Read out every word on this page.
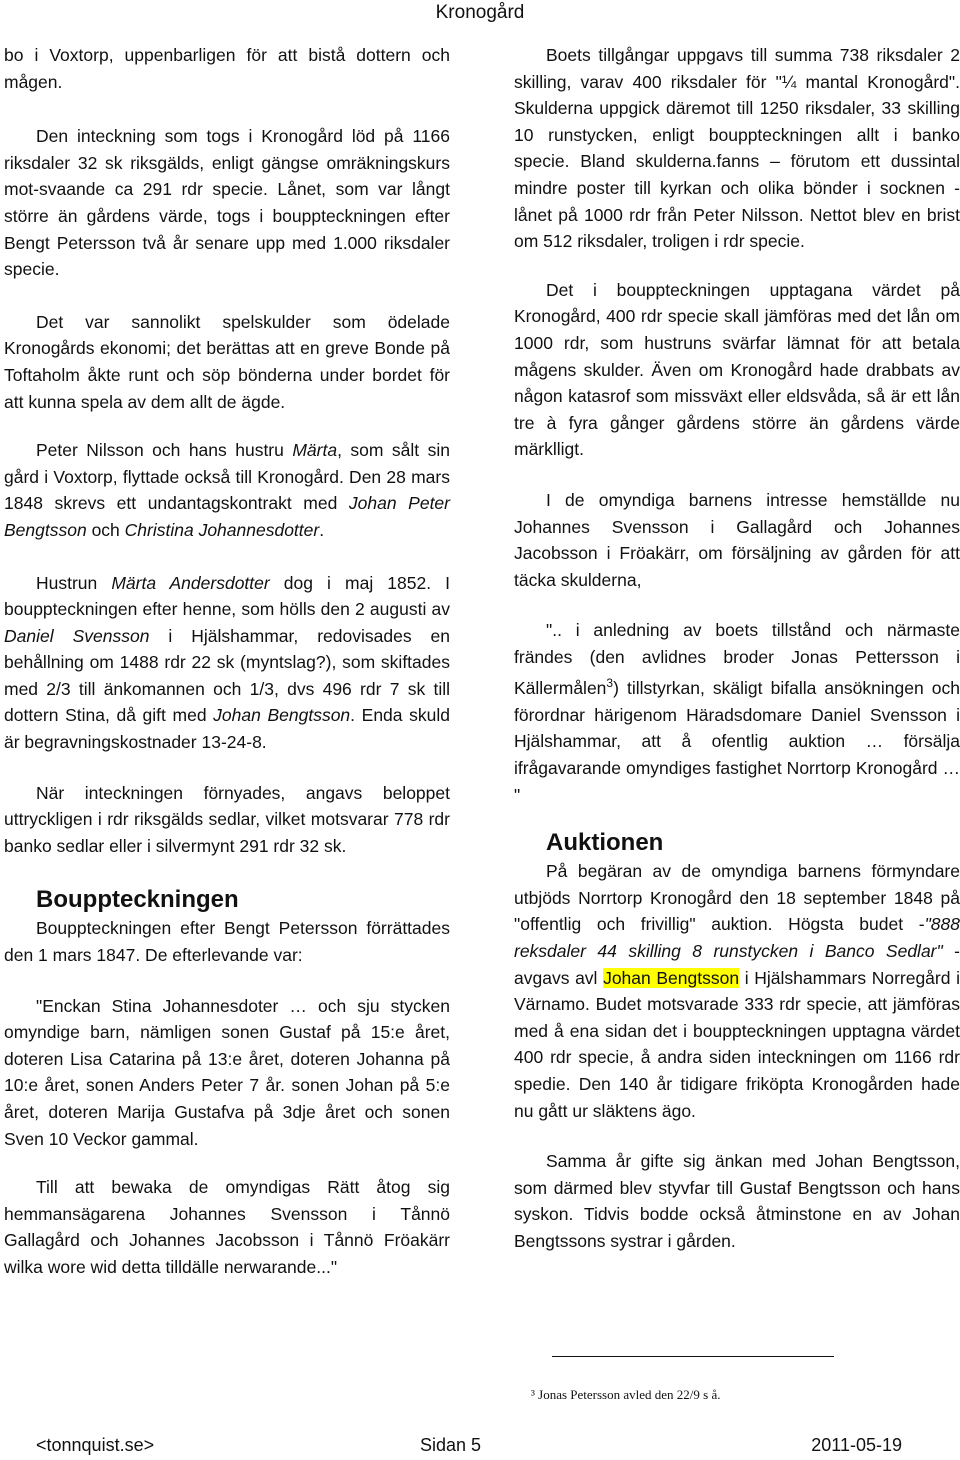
Kronogård

bo i Voxtorp, uppenbarligen för att bistå dottern och mågen.

Den inteckning som togs i Kronogård löd på 1166 riksdaler 32 sk riksgälds, enligt gängse omräkningskurs mot-svaande ca 291 rdr specie. Lånet, som var långt större än gårdens värde, togs i bouppteckningen efter Bengt Petersson två år senare upp med 1.000 riksdaler specie.

Det var sannolikt spelskulder som ödelade Kronogårds ekonomi; det berättas att en greve Bonde på Toftaholm åkte runt och söp bönderna under bordet för att kunna spela av dem allt de ägde.

Peter Nilsson och hans hustru Märta, som sålt sin gård i Voxtorp, flyttade också till Kronogård. Den 28 mars 1848 skrevs ett undantagskontrakt med Johan Peter Bengtsson och Christina Johannesdotter.

Hustrun Märta Andersdotter dog i maj 1852. I bouppteckningen efter henne, som hölls den 2 augusti av Daniel Svensson i Hjälshammar, redovisades en behållning om 1488 rdr 22 sk (myntslag?), som skiftades med 2/3 till änkomannen och 1/3, dvs 496 rdr 7 sk till dottern Stina, då gift med Johan Bengtsson. Enda skuld är begravningskostnader 13-24-8.

När inteckningen förnyades, angavs beloppet uttryckligen i rdr riksgälds sedlar, vilket motsvarar 778 rdr banko sedlar eller i silvermynt 291 rdr 32 sk.

Bouppteckningen

Bouppteckningen efter Bengt Petersson förrättades den 1 mars 1847. De efterlevande var:

"Enckan Stina Johannesdoter … och sju stycken omyndige barn, nämligen sonen Gustaf på 15:e året, doteren Lisa Catarina på 13:e året, doteren Johanna på 10:e året, sonen Anders Peter 7 år. sonen Johan på 5:e året, doteren Marija Gustafva på 3dje året och sonen Sven 10 Veckor gammal.

Till att bewaka de omyndigas Rätt åtog sig hemmansägarena Johannes Svensson i Tånnö Gallagård och Johannes Jacobsson i Tånnö Fröakärr wilka wore wid detta tilldälle nerwarande..."

Boets tillgångar uppgavs till summa 738 riksdaler 2 skilling, varav 400 riksdaler för "¼ mantal Kronogård". Skulderna uppgick däremot till 1250 riksdaler, 33 skilling 10 runstycken, enligt bouppteckningen allt i banko specie. Bland skulderna.fanns – förutom ett dussintal mindre poster till kyrkan och olika bönder i socknen - lånet på 1000 rdr från Peter Nilsson. Nettot blev en brist om 512 riksdaler, troligen i rdr specie.

Det i bouppteckningen upptagana värdet på Kronogård, 400 rdr specie skall jämföras med det lån om 1000 rdr, som hustruns svärfar lämnat för att betala mågens skulder. Även om Kronogård hade drabbats av någon katasrof som missväxt eller eldsvåda, så är ett lån tre à fyra gånger gårdens större än gårdens värde märklligt.

I de omyndiga barnens intresse hemställde nu Johannes Svensson i Gallagård och Johannes Jacobsson i Fröakärr, om försäljning av gården för att täcka skulderna,

".. i anledning av boets tillstånd och närmaste frändes (den avlidnes broder Jonas Pettersson i Källermålen$^3$) tillstyrkan, skäligt bifalla ansökningen och förordnar härigenom Häradsdomare Daniel Svensson i Hjälshammar, att å ofentlig auktion … försälja ifrågavarande omyndiges fastighet Norrtorp Kronogård … "

Auktionen

På begäran av de omyndiga barnens förmyndare utbjöds Norrtorp Kronogård den 18 september 1848 på "offentlig och frivillig" auktion. Högsta budet -"888 reksdaler 44 skilling 8 runstycken i Banco Sedlar" - avgavs avl Johan Bengtsson i Hjälshammars Norregård i Värnamo. Budet motsvarade 333 rdr specie, att jämföras med å ena sidan det i bouppteckningen upptagna värdet 400 rdr specie, å andra siden inteckningen om 1166 rdr spedie. Den 140 år tidigare friköpta Kronogården hade nu gått ur släktens ägo.

Samma år gifte sig änkan med Johan Bengtsson, som därmed blev styvfar till Gustaf Bengtsson och hans syskon. Tidvis bodde också åtminstone en av Johan Bengtssons systrar i gården.

³ Jonas Petersson avled den 22/9 s å.
<tonnquist.se>	Sidan 5	2011-05-19
